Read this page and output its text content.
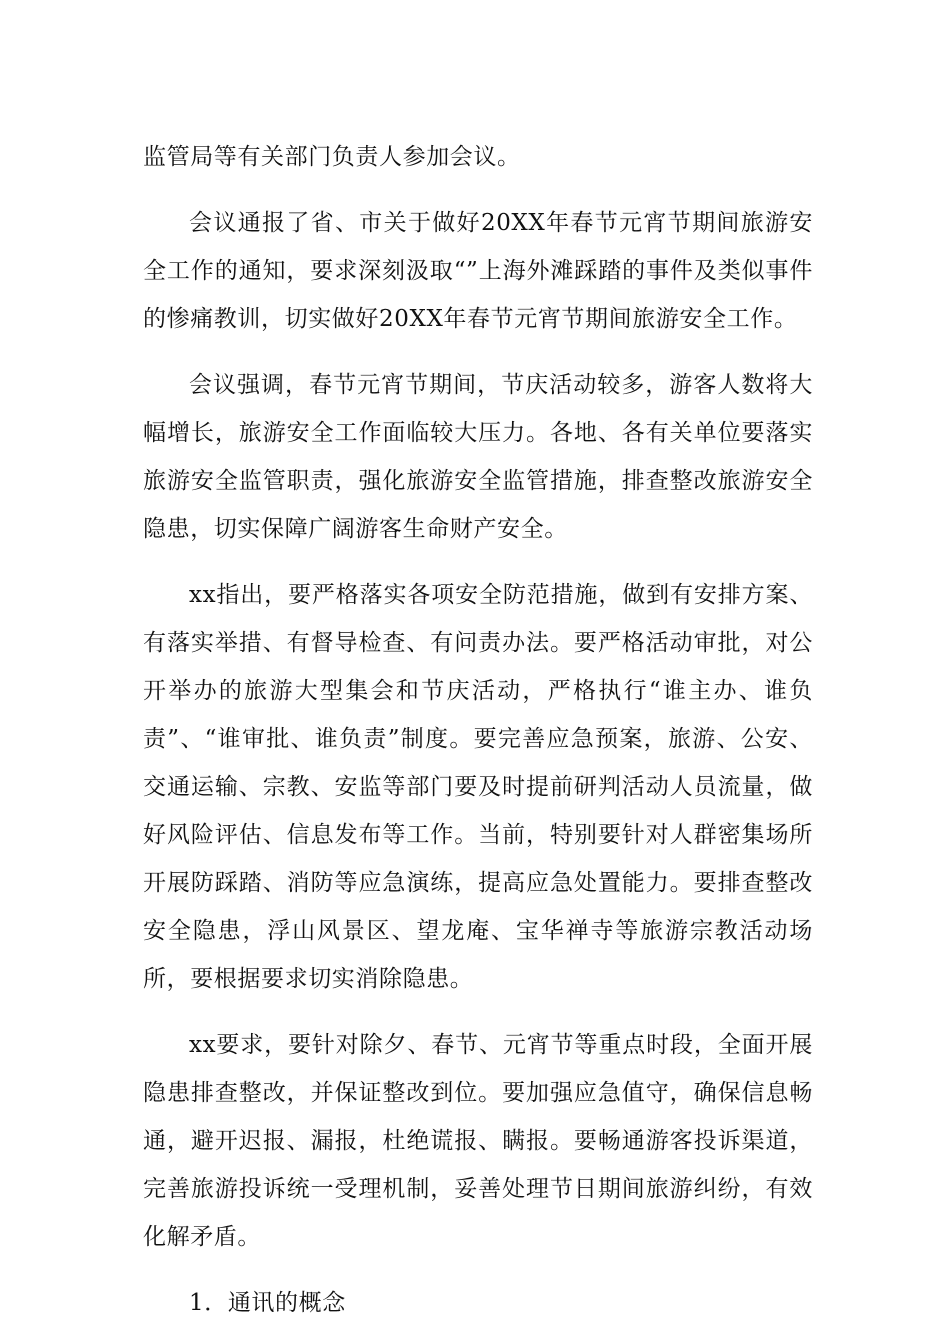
监管局等有关部门负责人参加会议。

会议通报了省、市关于做好20XX年春节元宵节期间旅游安全工作的通知，要求深刻汲取“”上海外滩踩踏的事件及类似事件的惨痛教训，切实做好20XX年春节元宵节期间旅游安全工作。

会议强调，春节元宵节期间，节庆活动较多，游客人数将大幅增长，旅游安全工作面临较大压力。各地、各有关单位要落实旅游安全监管职责，强化旅游安全监管措施，排查整改旅游安全隐患，切实保障广阔游客生命财产安全。

xx指出，要严格落实各项安全防范措施，做到有安排方案、有落实举措、有督导检查、有问责办法。要严格活动审批，对公开举办的旅游大型集会和节庆活动，严格执行“谁主办、谁负责”、“谁审批、谁负责”制度。要完善应急预案，旅游、公安、交通运输、宗教、安监等部门要及时提前研判活动人员流量，做好风险评估、信息发布等工作。当前，特别要针对人群密集场所开展防踩踏、消防等应急演练，提高应急处置能力。要排查整改安全隐患，浮山风景区、望龙庵、宝华禅寺等旅游宗教活动场所，要根据要求切实消除隐患。

xx要求，要针对除夕、春节、元宵节等重点时段，全面开展隐患排查整改，并保证整改到位。要加强应急值守，确保信息畅通，避开迟报、漏报，杜绝谎报、瞒报。要畅通游客投诉渠道，完善旅游投诉统一受理机制，妥善处理节日期间旅游纠纷，有效化解矛盾。

1．通讯的概念
